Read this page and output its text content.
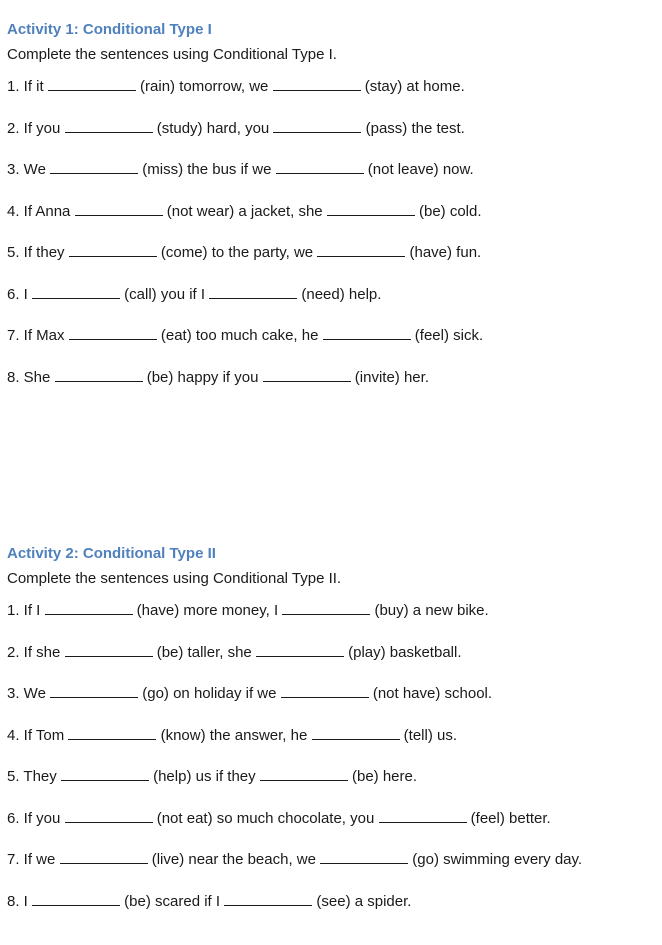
Activity 1: Conditional Type I

Complete the sentences using Conditional Type I.

1. If it	(rain) tomorrow, we	(stay) at home.
2. If you	(study) hard, you	(pass) the test.
3. We	(miss) the bus if we	(not leave) now.
4. If Anna	(not wear) a jacket, she	(be) cold.
5. If they	(come) to the party, we	(have) fun.
6. I	(call) you if I	(need) help.
7. If Max	(eat) too much cake, he	(feel) sick.
8. She	(be) happy if you	(invite) her.
Activity 2: Conditional Type II

Complete the sentences using Conditional Type II.

1. If I	(have) more money, I	(buy) a new bike.
2. If she	(be) taller, she	(play) basketball.
3. We	(go) on holiday if we	(not have) school.
4. If Tom	(know) the answer, he	(tell) us.
5. They	(help) us if they	(be) here.
6. If you	(not eat) so much chocolate, you	(feel) better.
7. If we	(live) near the beach, we	(go) swimming every day.
8. I	(be) scared if I	(see) a spider.
